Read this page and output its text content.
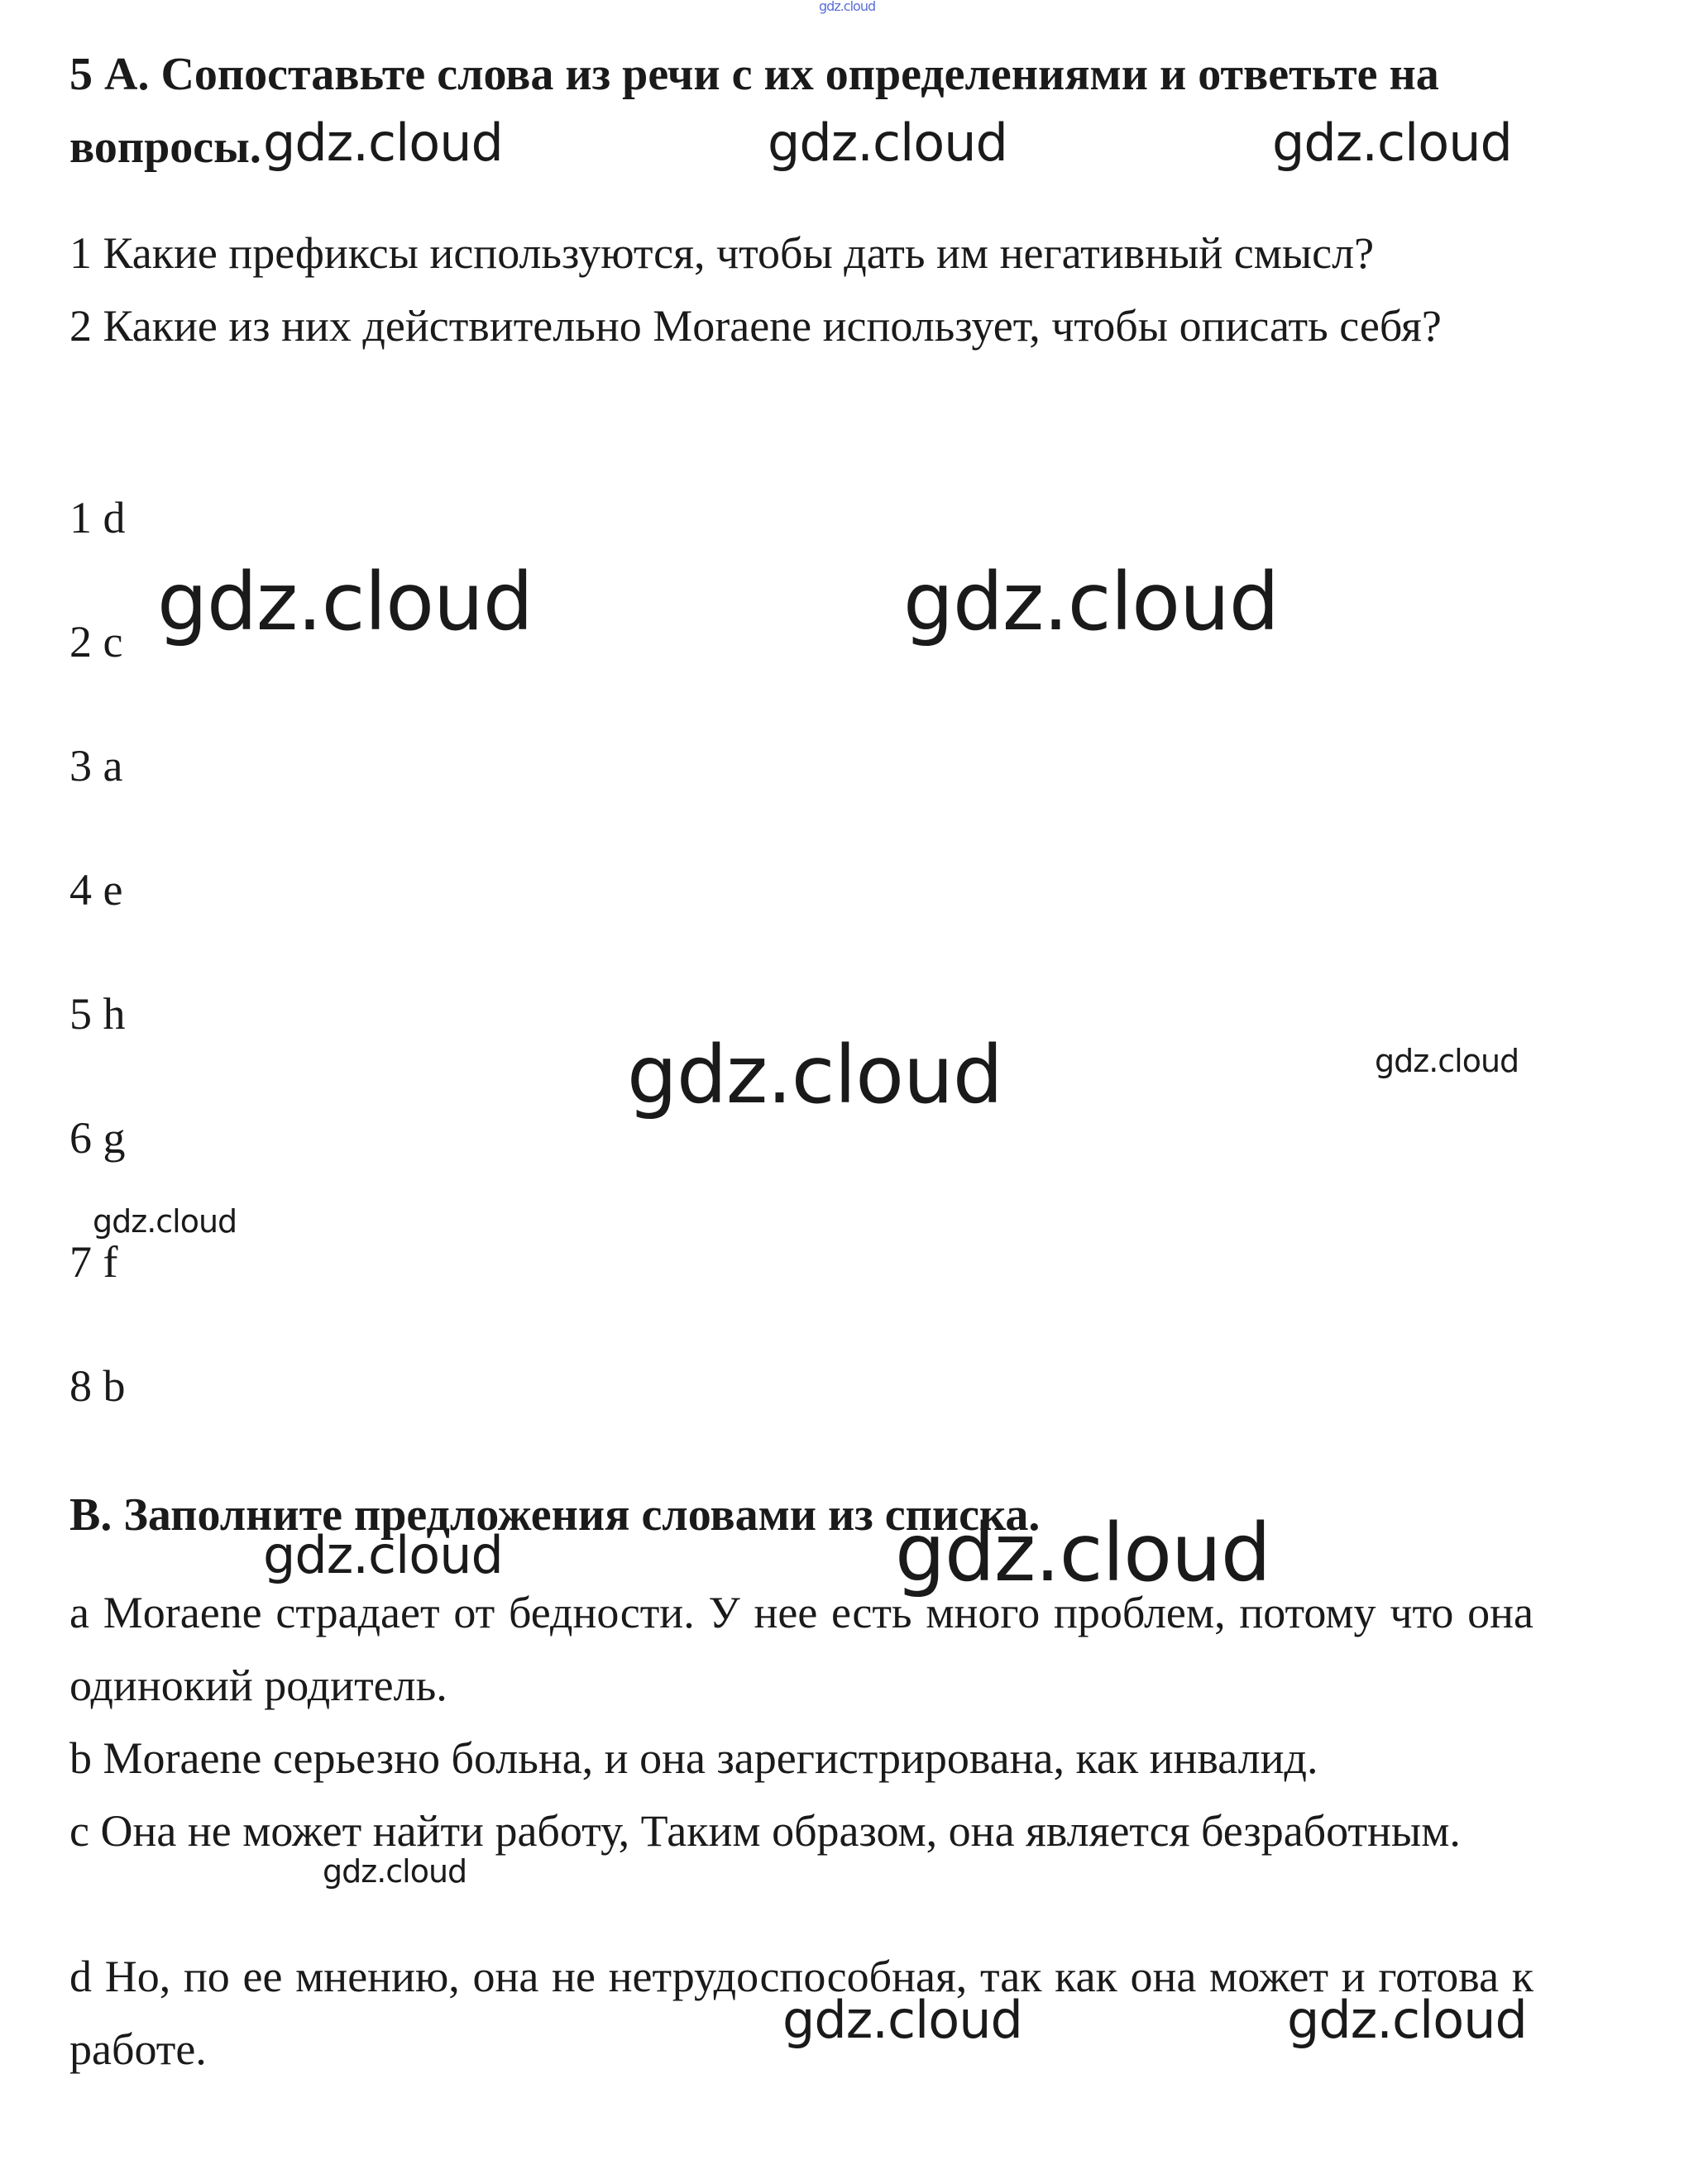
gdz.cloud
5 А. Сопоставьте слова из речи с их определениями и ответьте на
вопросы.
1 Какие префиксы используются, чтобы дать им негативный смысл?
2 Какие из них действительно Moraene использует, чтобы описать себя?
1 d
2 c
3 a
4 e
5 h
6 g
7 f
8 b
B. Заполните предложения словами из списка.
a Moraene страдает от бедности. У нее есть много проблем, потому что она одинокий родитель.
b Moraene серьезно больна, и она зарегистрирована, как инвалид.
c Она не может найти работу, Таким образом, она является безработным.
d Но, по ее мнению, она не нетрудоспособная, так как она может и готова к работе.
gdz.cloud	gdz.cloud	gdz.cloud
gdz.cloud	gdz.cloud
gdz.cloud	gdz.cloud
gdz.cloud
gdz.cloud	gdz.cloud
gdz.cloud
gdz.cloud	gdz.cloud
